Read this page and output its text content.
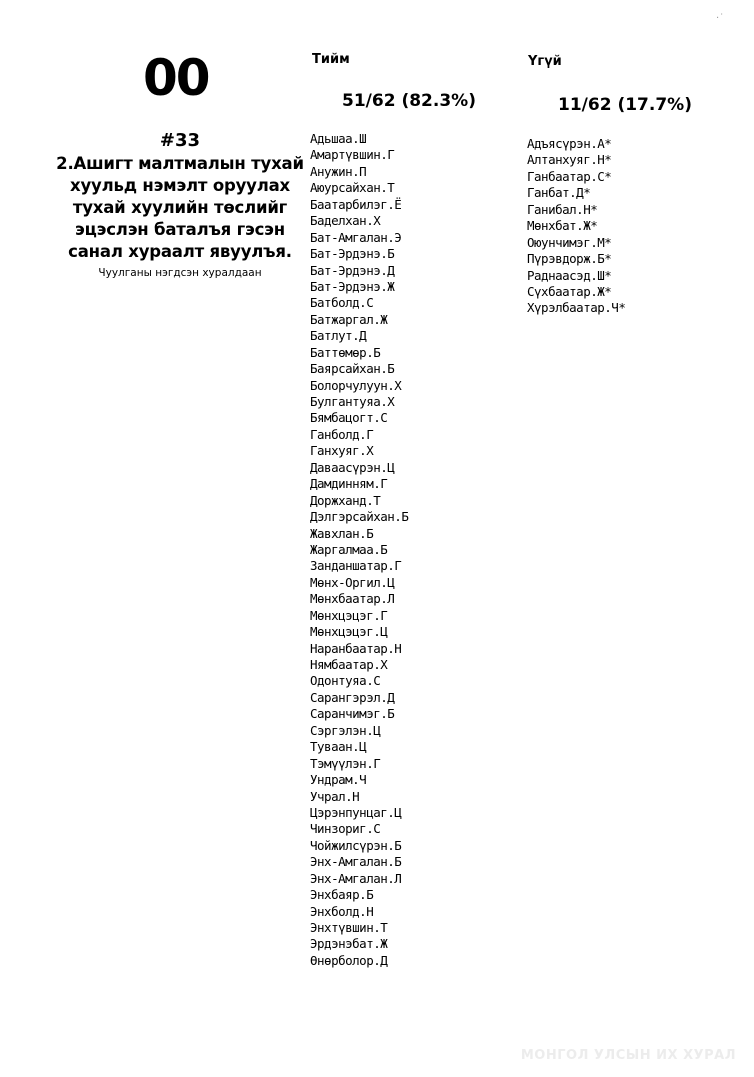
00
#33
2.Ашигт малтмалын тухай хуульд нэмэлт оруулах тухай хуулийн төслийг эцэслэн баталъя гэсэн санал хураалт явуулъя.
Чуулганы нэгдсэн хуралдаан
Тийм
51/62 (82.3%)
Адьшаа.Ш
Амартүвшин.Г
Анужин.П
Аюурсайхан.Т
Баатарбилэг.Ё
Баделхан.Х
Бат-Амгалан.Э
Бат-Эрдэнэ.Б
Бат-Эрдэнэ.Д
Бат-Эрдэнэ.Ж
Батболд.С
Батжаргал.Ж
Батлут.Д
Баттөмөр.Б
Баярсайхан.Б
Болорчулуун.Х
Булгантуяа.Х
Бямбацогт.С
Ганболд.Г
Ганхуяг.Х
Даваасүрэн.Ц
Дамдинням.Г
Доржханд.Т
Дэлгэрсайхан.Б
Жавхлан.Б
Жаргалмаа.Б
Занданшатар.Г
Мөнх-Оргил.Ц
Мөнхбаатар.Л
Мөнхцэцэг.Г
Мөнхцэцэг.Ц
Наранбаатар.Н
Нямбаатар.Х
Одонтуяа.С
Сарангэрэл.Д
Саранчимэг.Б
Сэргэлэн.Ц
Туваан.Ц
Тэмүүлэн.Г
Ундрам.Ч
Учрал.Н
Цэрэнпунцаг.Ц
Чинзориг.С
Чойжилсүрэн.Б
Энх-Амгалан.Б
Энх-Амгалан.Л
Энхбаяр.Б
Энхболд.Н
Энхтүвшин.Т
Эрдэнэбат.Ж
Өнөрболор.Д
Үгүй
11/62 (17.7%)
Адъясүрэн.А*
Алтанхуяг.Н*
Ганбаатар.С*
Ганбат.Д*
Ганибал.Н*
Мөнхбат.Ж*
Оюунчимэг.М*
Пүрэвдорж.Б*
Раднаасэд.Ш*
Сүхбаатар.Ж*
Хүрэлбаатар.Ч*
МОНГОЛ УЛСЫН ИХ ХУРАЛ
·˙
